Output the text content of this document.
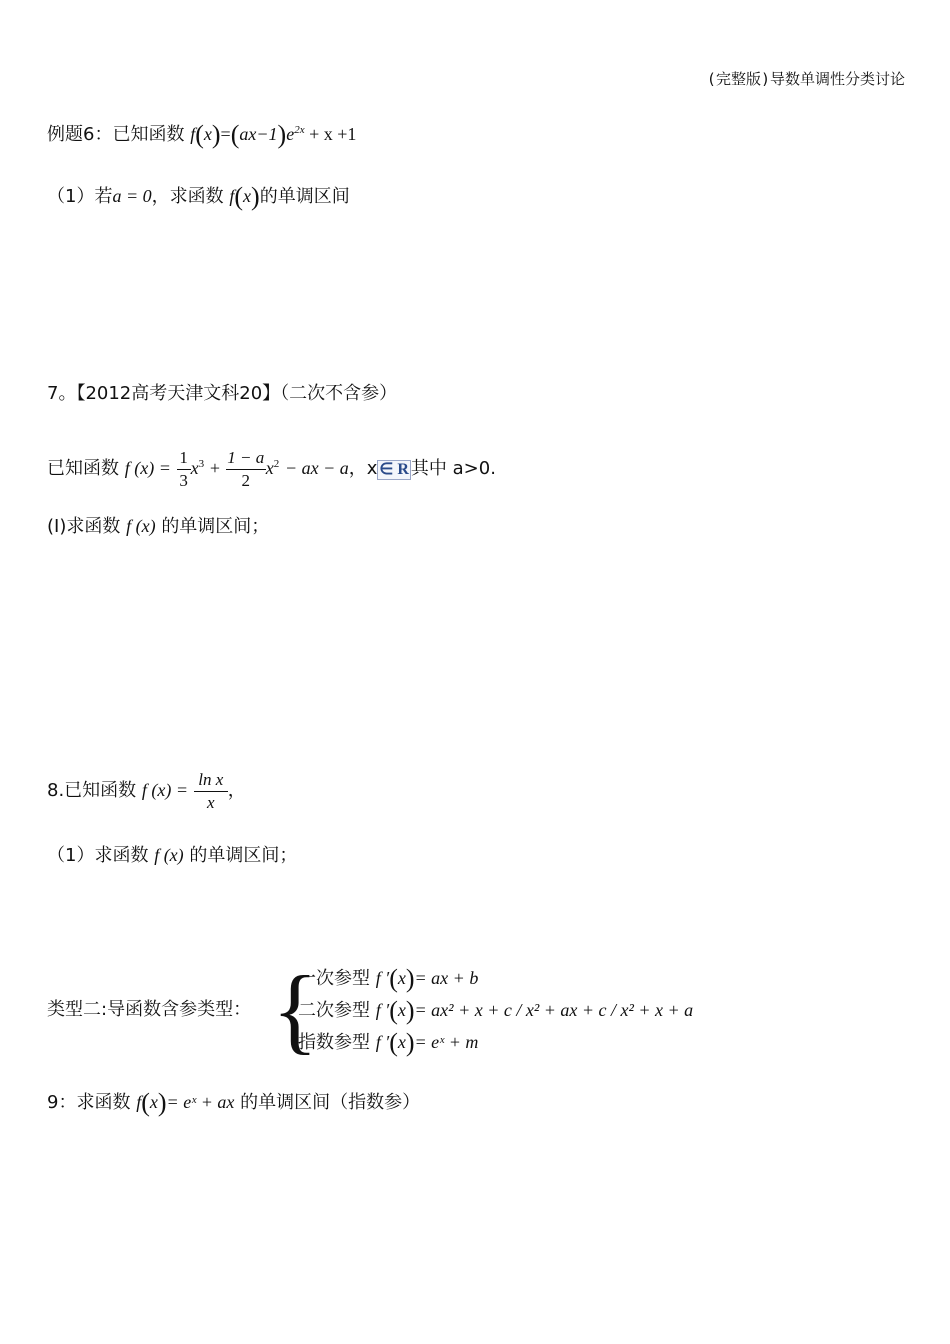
(完整版)导数单调性分类讨论
例题6：已知函数 $f(x)=(ax-1)e^{2x} + x +1$
（1）若a = 0，求函数 f(x)的单调区间
7。【2012高考天津文科20】（二次不含参）
已知函数 f $(x) = \frac{1}{3} x^3 + \frac{1 - a}{2} x^2$ − ax − a，x ∈ R 其中 a>0.
(Ⅰ)求函数 f (x) 的单调区间；
8.已知函数 f $(x) = \frac{\text{ln x}}{x}$ ，
（1）求函数 f (x) 的单调区间；
类型二:导函数含参类型： {
一次参型 f ′(x)= ax + b
二次参型 f ′(x)= ax² + x + c / x² + ax + c / x² + x + a
指数参型 f ′(x)= eˣ + m
9：求函数 f(x)= eˣ + ax 的单调区间（指数参）
